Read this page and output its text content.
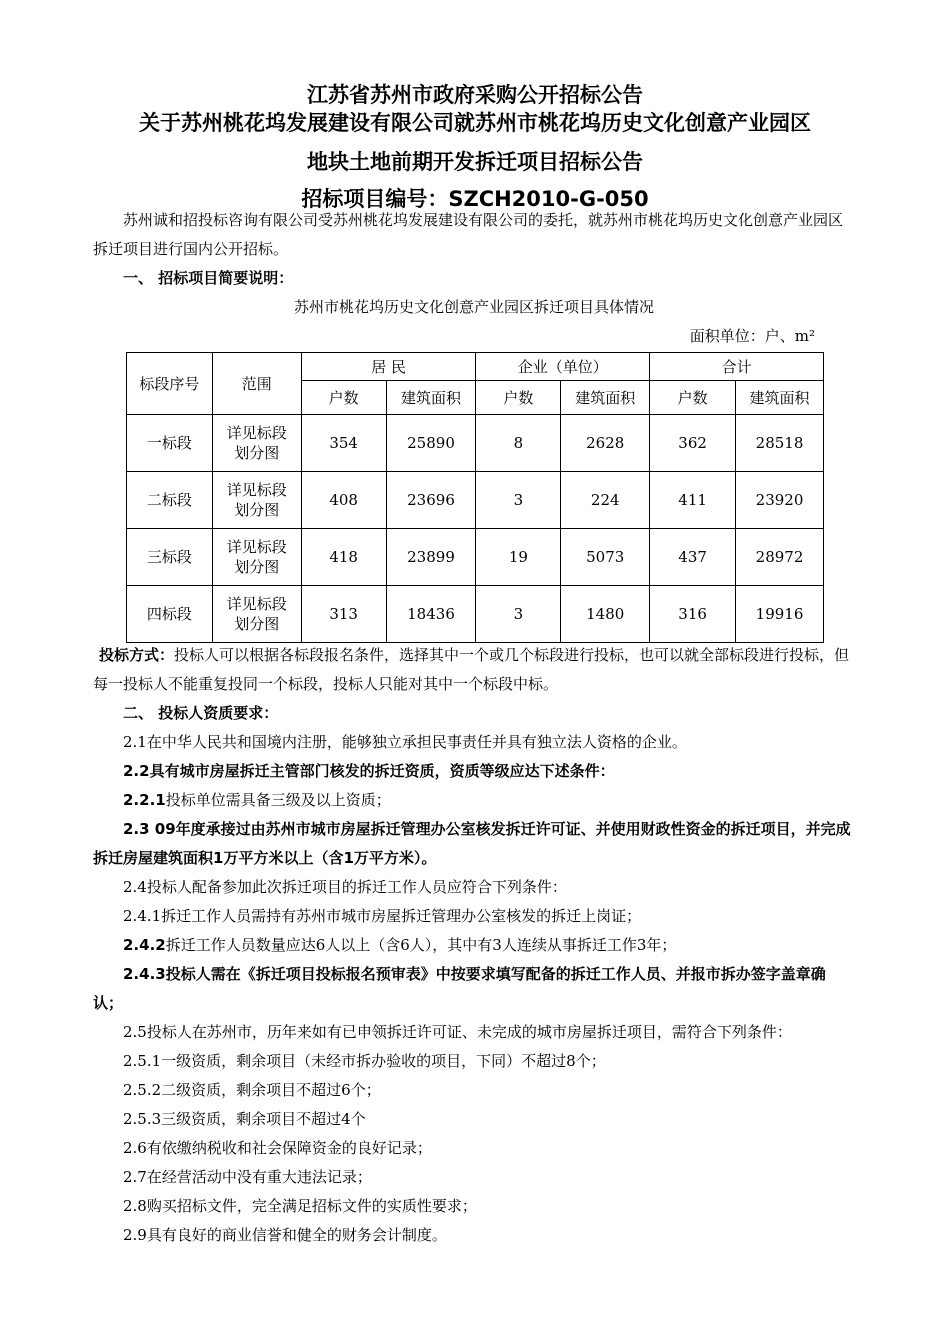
江苏省苏州市政府采购公开招标公告
关于苏州桃花坞发展建设有限公司就苏州市桃花坞历史文化创意产业园区
地块土地前期开发拆迁项目招标公告
招标项目编号：SZCH2010-G-050
苏州诚和招投标咨询有限公司受苏州桃花坞发展建设有限公司的委托，就苏州市桃花坞历史文化创意产业园区拆迁项目进行国内公开招标。
一、 招标项目简要说明：
苏州市桃花坞历史文化创意产业园区拆迁项目具体情况
面积单位：户、m²
标段序号	范围	居 民		企业（单位）		合计	
		户数	建筑面积	户数	建筑面积	户数	建筑面积
一标段	详见标段划分图	354	25890	8	2628	362	28518
二标段	详见标段划分图	408	23696	3	224	411	23920
三标段	详见标段划分图	418	23899	19	5073	437	28972
四标段	详见标段划分图	313	18436	3	1480	316	19916
投标方式：投标人可以根据各标段报名条件，选择其中一个或几个标段进行投标，也可以就全部标段进行投标，但每一投标人不能重复投同一个标段，投标人只能对其中一个标段中标。
二、 投标人资质要求：
2.1在中华人民共和国境内注册，能够独立承担民事责任并具有独立法人资格的企业。
2.2具有城市房屋拆迁主管部门核发的拆迁资质，资质等级应达下述条件：
2.2.1投标单位需具备三级及以上资质；
2.3 09年度承接过由苏州市城市房屋拆迁管理办公室核发拆迁许可证、并使用财政性资金的拆迁项目，并完成拆迁房屋建筑面积1万平方米以上（含1万平方米）。
2.4投标人配备参加此次拆迁项目的拆迁工作人员应符合下列条件：
2.4.1拆迁工作人员需持有苏州市城市房屋拆迁管理办公室核发的拆迁上岗证；
2.4.2拆迁工作人员数量应达6人以上（含6人），其中有3人连续从事拆迁工作3年；
2.4.3投标人需在《拆迁项目投标报名预审表》中按要求填写配备的拆迁工作人员、并报市拆办签字盖章确认；
2.5投标人在苏州市，历年来如有已申领拆迁许可证、未完成的城市房屋拆迁项目，需符合下列条件：
2.5.1一级资质，剩余项目（未经市拆办验收的项目，下同）不超过8个；
2.5.2二级资质，剩余项目不超过6个；
2.5.3三级资质，剩余项目不超过4个
2.6有依缴纳税收和社会保障资金的良好记录；
2.7在经营活动中没有重大违法记录；
2.8购买招标文件，完全满足招标文件的实质性要求；
2.9具有良好的商业信誉和健全的财务会计制度。
